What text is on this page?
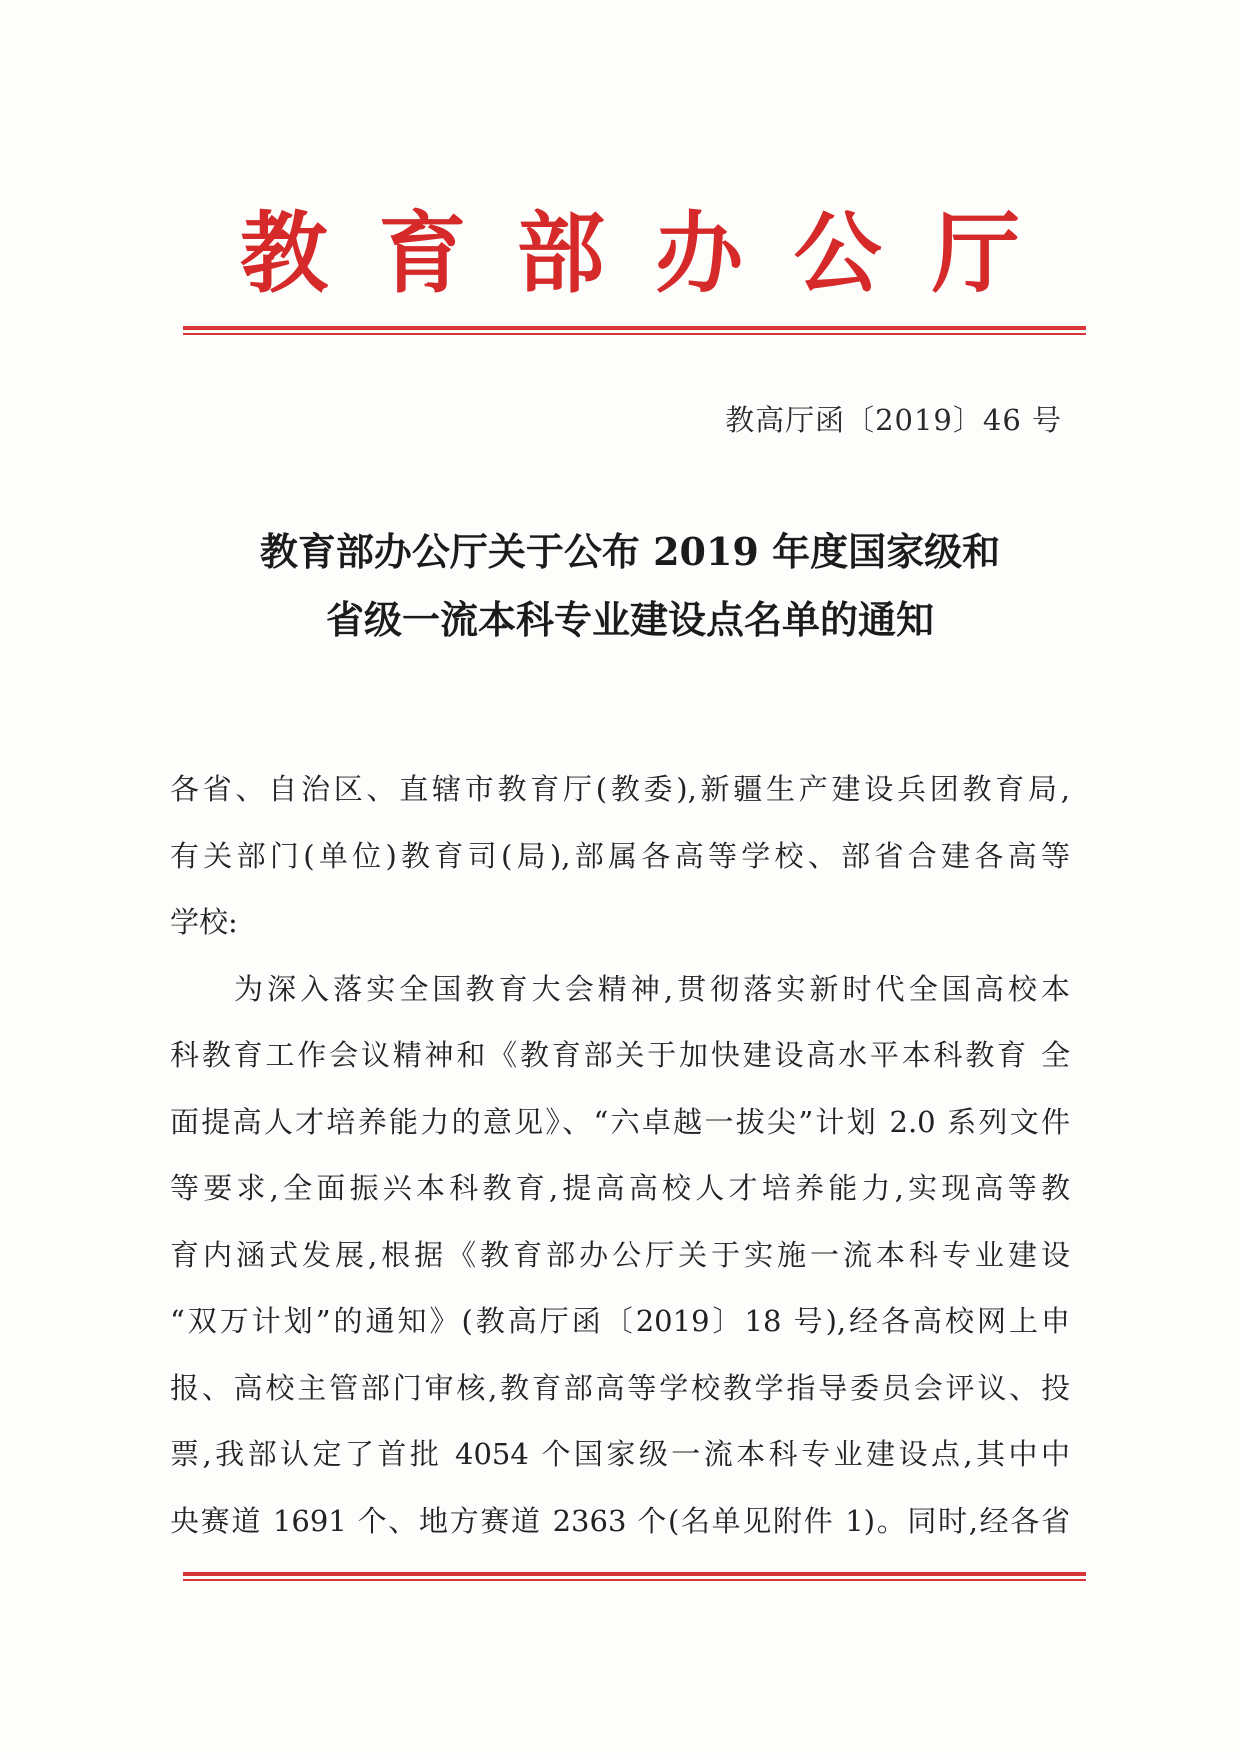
教 育 部 办 公 厅
教高厅函〔2019〕46 号
教育部办公厅关于公布 2019 年度国家级和
省级一流本科专业建设点名单的通知
各省、自治区、直辖市教育厅(教委),新疆生产建设兵团教育局,
有关部门(单位)教育司(局),部属各高等学校、部省合建各高等
学校:
为深入落实全国教育大会精神,贯彻落实新时代全国高校本
科教育工作会议精神和《教育部关于加快建设高水平本科教育 全
面提高人才培养能力的意见》、“六卓越一拔尖”计划 2.0 系列文件
等要求,全面振兴本科教育,提高高校人才培养能力,实现高等教
育内涵式发展,根据《教育部办公厅关于实施一流本科专业建设
“双万计划”的通知》(教高厅函〔2019〕18 号),经各高校网上申
报、高校主管部门审核,教育部高等学校教学指导委员会评议、投
票,我部认定了首批 4054 个国家级一流本科专业建设点,其中中
央赛道 1691 个、地方赛道 2363 个(名单见附件 1)。同时,经各省
